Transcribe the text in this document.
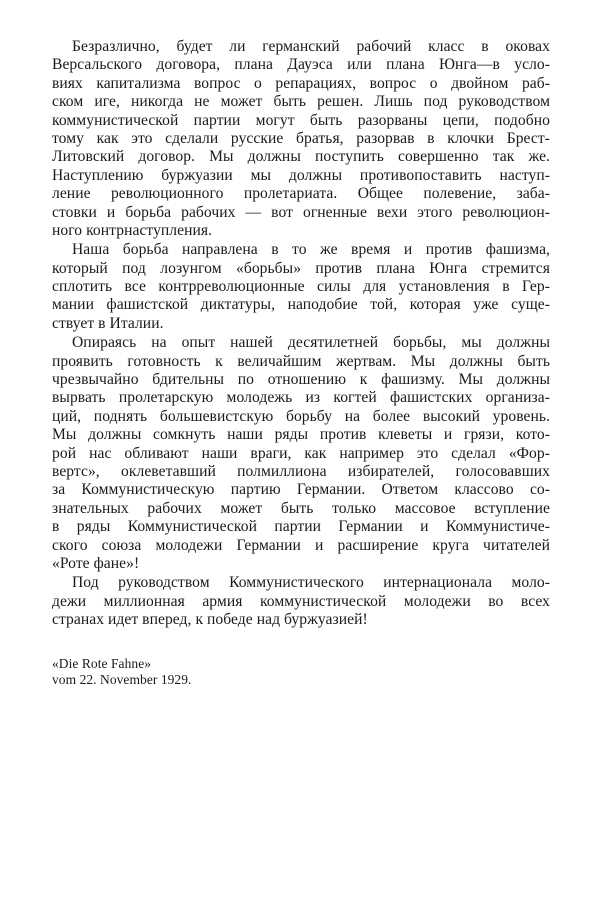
Безразлично, будет ли германский рабочий класс в оковах
Версальского договора, плана Дауэса или плана Юнга—в усло-
виях капитализма вопрос о репарациях, вопрос о двойном раб-
ском иге, никогда не может быть решен. Лишь под руководством
коммунистической партии могут быть разорваны цепи, подобно
тому как это сделали русские братья, разорвав в клочки Брест-
Литовский договор. Мы должны поступить совершенно так же.
Наступлению буржуазии мы должны противопоставить наступ-
ление революционного пролетариата. Общее полевение, заба-
стовки и борьба рабочих — вот огненные вехи этого революцион-
ного контрнаступления.
Наша борьба направлена в то же время и против фашизма,
который под лозунгом «борьбы» против плана Юнга стремится
сплотить все контрреволюционные силы для установления в Гер-
мании фашистской диктатуры, наподобие той, которая уже суще-
ствует в Италии.
Опираясь на опыт нашей десятилетней борьбы, мы должны
проявить готовность к величайшим жертвам. Мы должны быть
чрезвычайно бдительны по отношению к фашизму. Мы должны
вырвать пролетарскую молодежь из когтей фашистских организа-
ций, поднять большевистскую борьбу на более высокий уровень.
Мы должны сомкнуть наши ряды против клеветы и грязи, кото-
рой нас обливают наши враги, как например это сделал «Фор-
вертс», оклеветавший полмиллиона избирателей, голосовавших
за Коммунистическую партию Германии. Ответом классово со-
знательных рабочих может быть только массовое вступление
в ряды Коммунистической партии Германии и Коммунистиче-
ского союза молодежи Германии и расширение круга читателей
«Роте фане»!
Под руководством Коммунистического интернационала моло-
дежи миллионная армия коммунистической молодежи во всех
странах идет вперед, к победе над буржуазией!
«Die Rote Fahne»
vom 22. November 1929.
